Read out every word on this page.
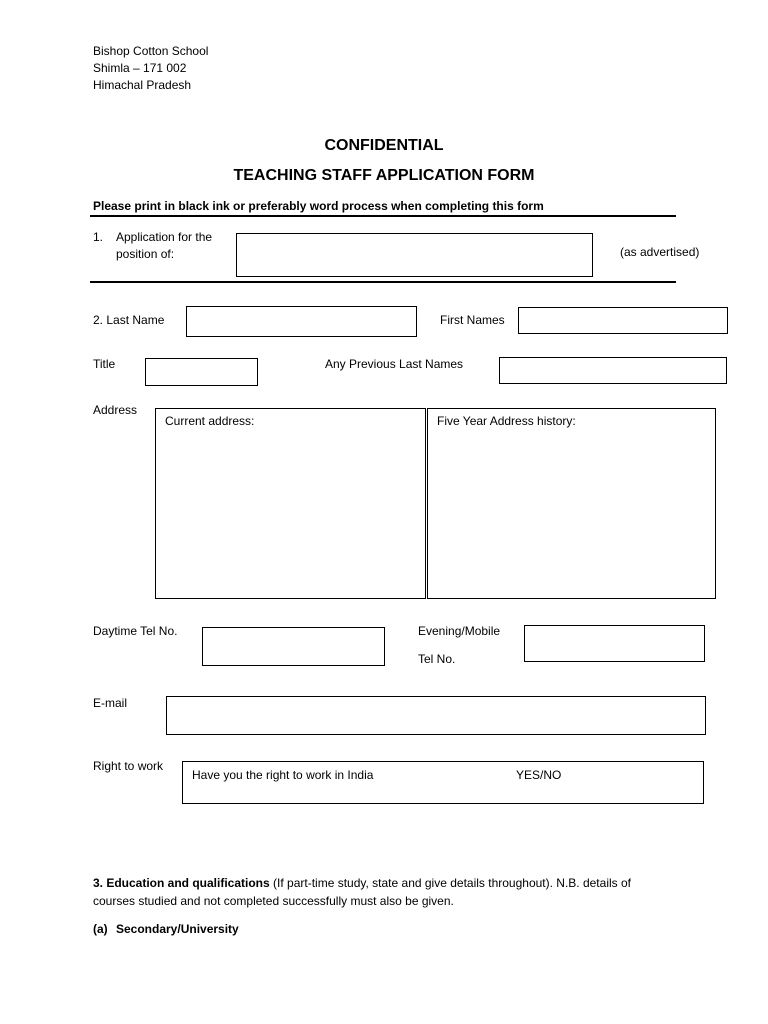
Bishop Cotton School
Shimla – 171 002
Himachal Pradesh
CONFIDENTIAL
TEACHING STAFF APPLICATION FORM
Please print in black ink or preferably word process when completing this form
1. Application for the
position of:	(as advertised)
2. Last Name	First Names
Title	Any Previous Last Names
Address
Current address:	Five Year Address history:
Daytime Tel No.	Evening/Mobile
Tel No.
E-mail
Right to work
Have you the right to work in India	YES/NO
3. Education and qualifications (If part-time study, state and give details throughout). N.B. details of
courses studied and not completed successfully must also be given.
(a) Secondary/University
